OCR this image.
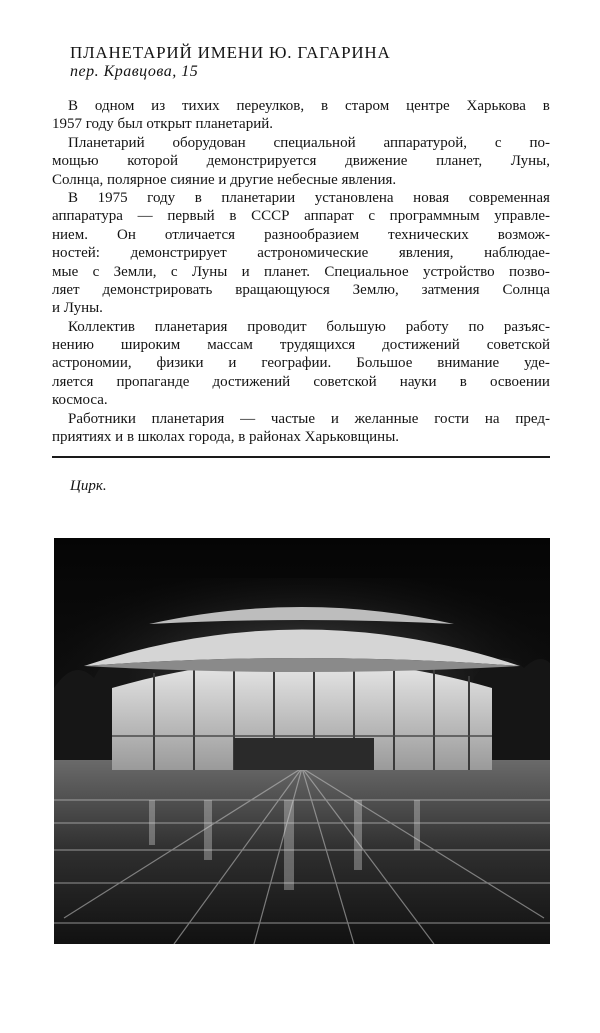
ПЛАНЕТАРИЙ ИМЕНИ Ю. ГАГАРИНА
пер. Кравцова, 15
В одном из тихих переулков, в старом центре Харькова в
1957 году был открыт планетарий.
Планетарий оборудован специальной аппаратурой, с по-
мощью которой демонстрируется движение планет, Луны,
Солнца, полярное сияние и другие небесные явления.
В 1975 году в планетарии установлена новая современная
аппаратура — первый в СССР аппарат с программным управле-
нием. Он отличается разнообразием технических возмож-
ностей: демонстрирует астрономические явления, наблюдае-
мые с Земли, с Луны и планет. Специальное устройство позво-
ляет демонстрировать вращающуюся Землю, затмения Солнца
и Луны.
Коллектив планетария проводит большую работу по разъяс-
нению широким массам трудящихся достижений советской
астрономии, физики и географии. Большое внимание уде-
ляется пропаганде достижений советской науки в освоении
космоса.
Работники планетария — частые и желанные гости на пред-
приятиях и в школах города, в районах Харьковщины.
Цирк.
